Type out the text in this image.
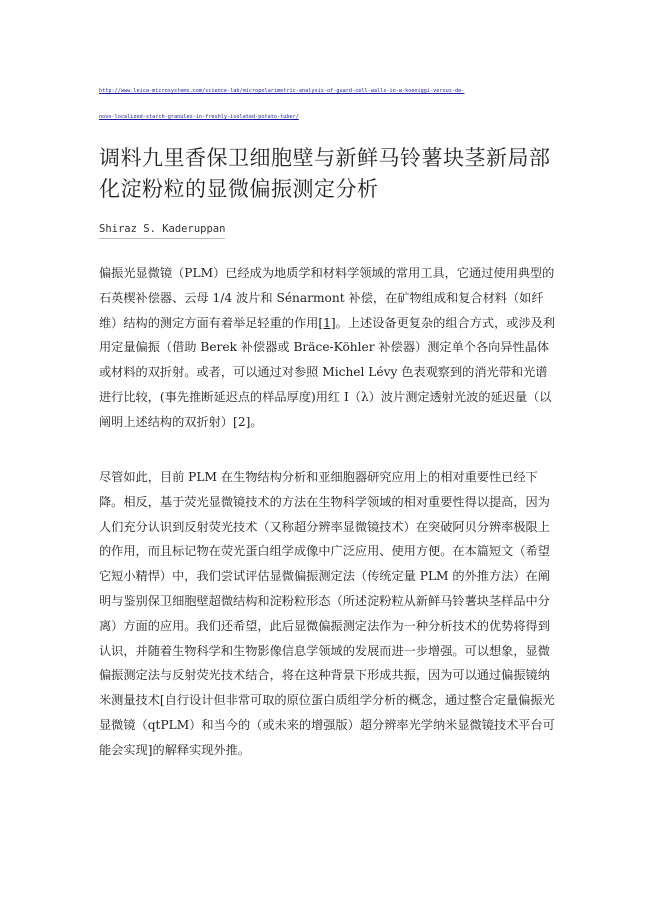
http://www.leica-microsystems.com/science-lab/micropolarimetric-analysis-of-guard-cell-walls-in-w-koeniggi-versus-de-
novo-localized-starch-granules-in-freshly-isolated-potato-tuber/
调料九里香保卫细胞壁与新鲜马铃薯块茎新局部化淀粉粒的显微偏振测定分析

Shiraz S. Kaderuppan

偏振光显微镜（PLM）已经成为地质学和材料学领域的常用工具，它通过使用典型的石英楔补偿器、云母 1/4 波片和 Sénarmont 补偿，在矿物组成和复合材料（如纤维）结构的测定方面有着举足轻重的作用[1]。上述设备更复杂的组合方式，或涉及利用定量偏振（借助 Berek 补偿器或 Bräce-Köhler 补偿器）测定单个各向异性晶体或材料的双折射。或者，可以通过对参照 Michel Lévy 色表观察到的消光带和光谱进行比较，(事先推断延迟点的样品厚度)用红 I（λ）波片测定透射光波的延迟量（以阐明上述结构的双折射）[2]。

尽管如此，目前 PLM 在生物结构分析和亚细胞器研究应用上的相对重要性已经下降。相反，基于荧光显微镜技术的方法在生物科学领域的相对重要性得以提高，因为人们充分认识到反射荧光技术（又称超分辨率显微镜技术）在突破阿贝分辨率极限上的作用，而且标记物在荧光蛋白组学成像中广泛应用、使用方便。在本篇短文（希望它短小精悍）中，我们尝试评估显微偏振测定法（传统定量 PLM 的外推方法）在阐明与鉴别保卫细胞壁超微结构和淀粉粒形态（所述淀粉粒从新鲜马铃薯块茎样品中分离）方面的应用。我们还希望，此后显微偏振测定法作为一种分析技术的优势将得到认识，并随着生物科学和生物影像信息学领域的发展而进一步增强。可以想象，显微偏振测定法与反射荧光技术结合，将在这种背景下形成共振，因为可以通过偏振镜纳米测量技术[自行设计但非常可取的原位蛋白质组学分析的概念，通过整合定量偏振光显微镜（qtPLM）和当今的（或未来的增强版）超分辨率光学纳米显微镜技术平台可能会实现]的解释实现外推。
